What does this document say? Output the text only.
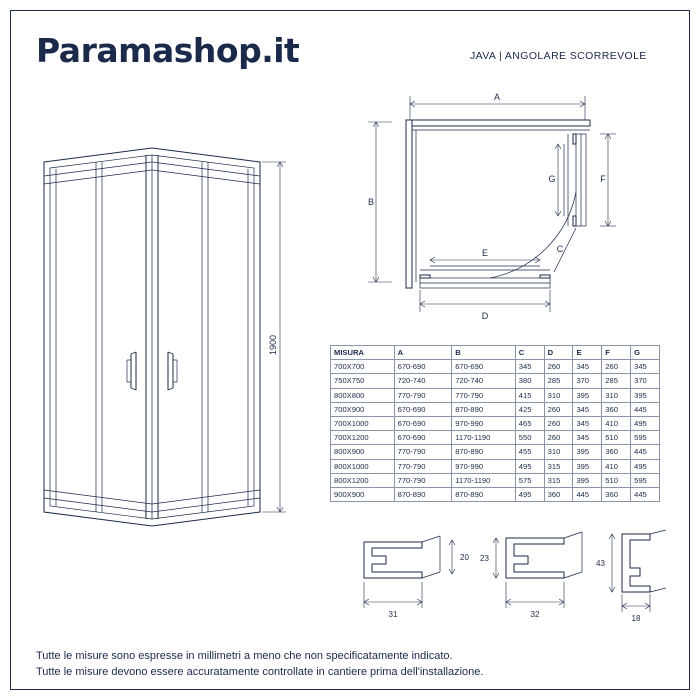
Paramashop.it	JAVA | ANGOLARE SCORREVOLE
1900
A
B
F
G
E
D
C
MISURA	A	B	C	D	E	F	G
700X700	670-690	670-690	345	260	345	260	345
750X750	720-740	720-740	380	285	370	285	370
800X800	770-790	770-790	415	310	395	310	395
700X900	670-690	870-890	425	260	345	360	445
700X1000	670-690	970-990	465	260	345	410	495
700X1200	670-690	1170-1190	550	260	345	510	595
800X900	770-790	870-890	455	310	395	360	445
800X1000	770-790	970-990	495	315	395	410	495
800X1200	770-790	1170-1190	575	315	395	510	595
900X900	870-890	870-890	495	360	445	360	445
20
31
23
32
43
18
Tutte le misure sono espresse in millimetri a meno che non specificatamente indicato.
Tutte le misure devono essere accuratamente controllate in cantiere prima dell'installazione.
